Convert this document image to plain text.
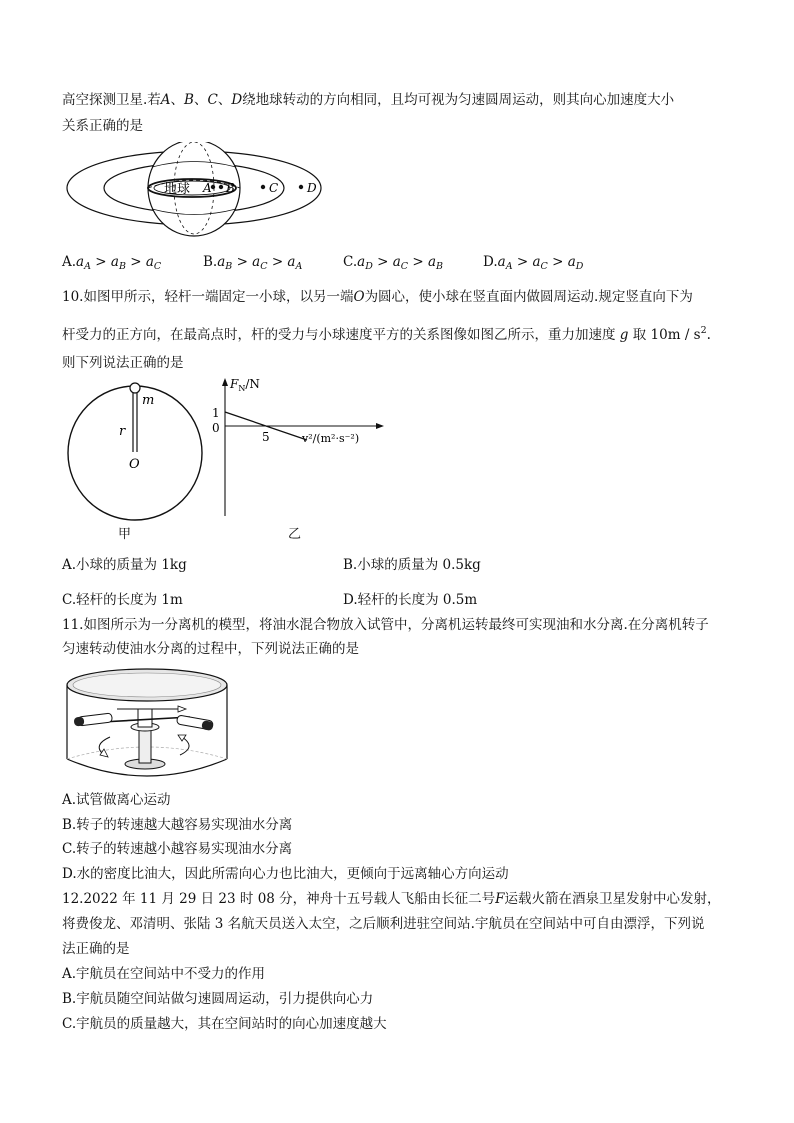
高空探测卫星.若A、B、C、D绕地球转动的方向相同，且均可视为匀速圆周运动，则其向心加速度大小
关系正确的是
地球 A B	C D
$A.a_A > a_B > a_C$	$B.a_B > a_C > a_A$	$C.a_D > a_C > a_B$	$D.a_A > a_C > a_D$
10.如图甲所示，轻杆一端固定一小球，以另一端O为圆心，使小球在竖直面内做圆周运动.规定竖直向下为
杆受力的正方向，在最高点时，杆的受力与小球速度平方的关系图像如图乙所示，重力加速度 g 取 $10m / s^2$.
则下列说法正确的是
m
r
O
甲
$F_N/N$
1
0
5	v²/(m²·s⁻²)
乙
A.小球的质量为 1kg	B.小球的质量为 0.5kg
C.轻杆的长度为 1m	D.轻杆的长度为 0.5m
11.如图所示为一分离机的模型，将油水混合物放入试管中，分离机运转最终可实现油和水分离.在分离机转子
匀速转动使油水分离的过程中，下列说法正确的是
A.试管做离心运动
B.转子的转速越大越容易实现油水分离
C.转子的转速越小越容易实现油水分离
D.水的密度比油大，因此所需向心力也比油大，更倾向于远离轴心方向运动
12.2022 年 11 月 29 日 23 时 08 分，神舟十五号载人飞船由长征二号F运载火箭在酒泉卫星发射中心发射，
将费俊龙、邓清明、张陆 3 名航天员送入太空，之后顺利进驻空间站.宇航员在空间站中可自由漂浮，下列说
法正确的是
A.宇航员在空间站中不受力的作用
B.宇航员随空间站做匀速圆周运动，引力提供向心力
C.宇航员的质量越大，其在空间站时的向心加速度越大
